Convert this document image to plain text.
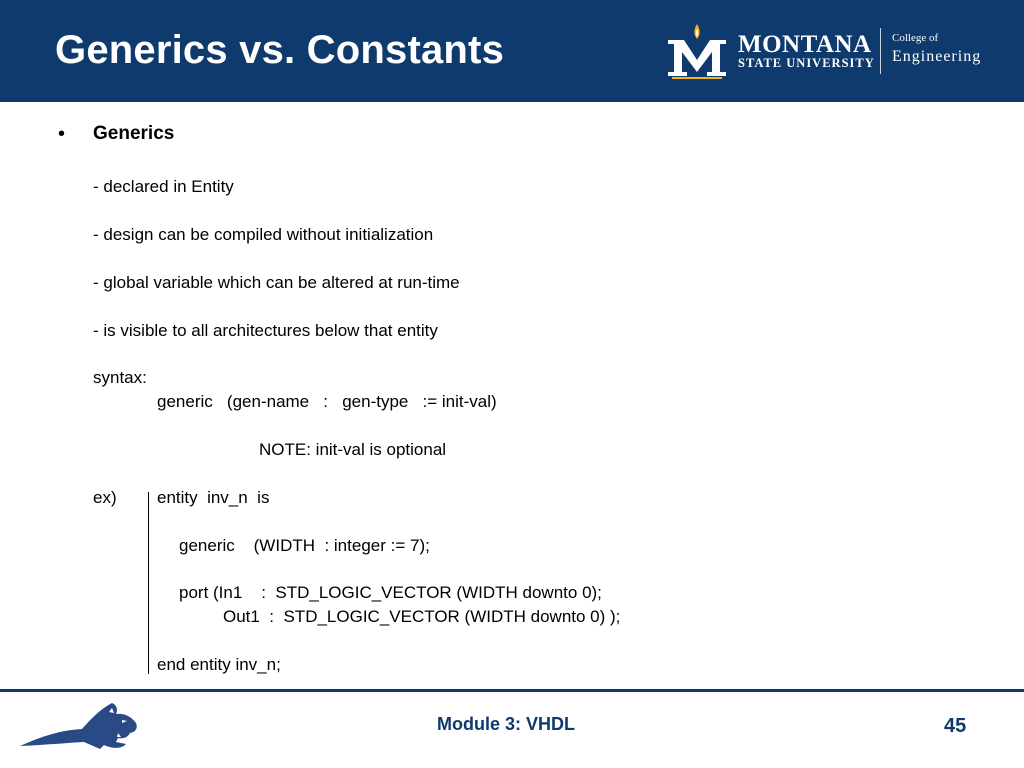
Generics vs. Constants	MONTANA
STATE UNIVERSITY
College of
Engineering
• Generics
- declared in Entity
- design can be compiled without initialization
- global variable which can be altered at run-time
- is visible to all architectures below that entity
syntax:
generic   (gen-name   :   gen-type   := init-val)
NOTE: init-val is optional
ex) entity  inv_n  is
generic    (WIDTH  : integer := 7);
port (In1    :  STD_LOGIC_VECTOR (WIDTH downto 0);
Out1  :  STD_LOGIC_VECTOR (WIDTH downto 0) );
end entity inv_n;
Module 3: VHDL	45
